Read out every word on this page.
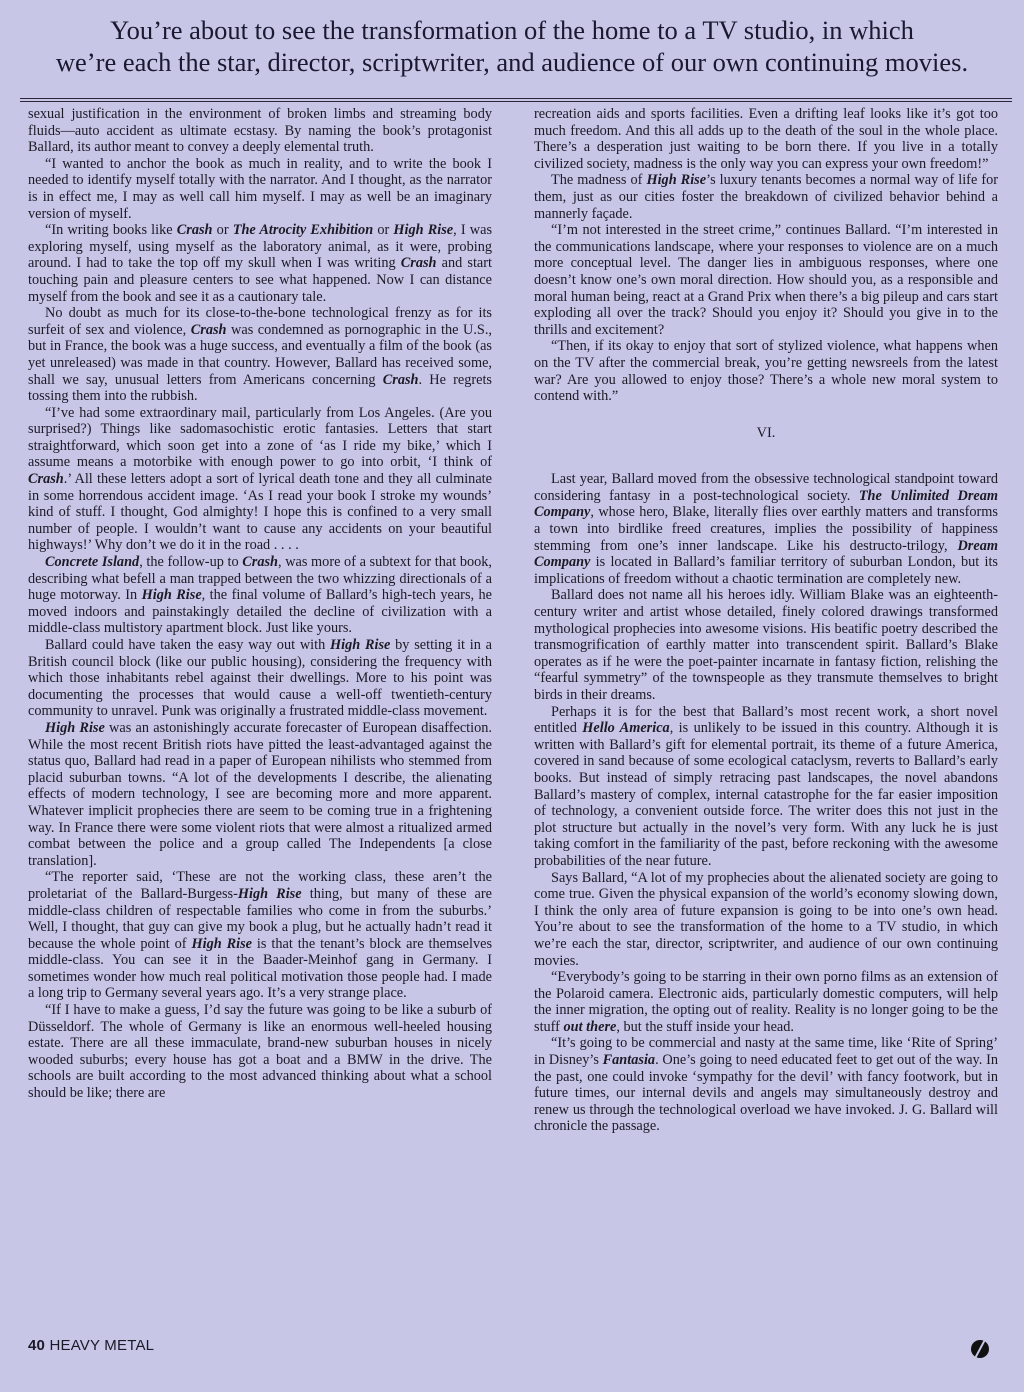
You’re about to see the transformation of the home to a TV studio, in which
we’re each the star, director, scriptwriter, and audience of our own continuing movies.

sexual justification in the environment of broken limbs and streaming body fluids—auto accident as ultimate ecstasy. By naming the book’s protagonist Ballard, its author meant to convey a deeply elemental truth.

“I wanted to anchor the book as much in reality, and to write the book I needed to identify myself totally with the narrator. And I thought, as the narrator is in effect me, I may as well call him myself. I may as well be an imaginary version of myself.

“In writing books like Crash or The Atrocity Exhibition or High Rise, I was exploring myself, using myself as the laboratory animal, as it were, probing around. I had to take the top off my skull when I was writing Crash and start touching pain and pleasure centers to see what happened. Now I can distance myself from the book and see it as a cautionary tale.

No doubt as much for its close-to-the-bone technological frenzy as for its surfeit of sex and violence, Crash was condemned as pornographic in the U.S., but in France, the book was a huge success, and eventually a film of the book (as yet unreleased) was made in that country. However, Ballard has received some, shall we say, unusual letters from Americans concerning Crash. He regrets tossing them into the rubbish.

“I’ve had some extraordinary mail, particularly from Los Angeles. (Are you surprised?) Things like sadomasochistic erotic fantasies. Letters that start straightforward, which soon get into a zone of ‘as I ride my bike,’ which I assume means a motorbike with enough power to go into orbit, ‘I think of Crash.’ All these letters adopt a sort of lyrical death tone and they all culminate in some horrendous accident image. ‘As I read your book I stroke my wounds’ kind of stuff. I thought, God almighty! I hope this is confined to a very small number of people. I wouldn’t want to cause any accidents on your beautiful highways!’ Why don’t we do it in the road . . . .

Concrete Island, the follow-up to Crash, was more of a subtext for that book, describing what befell a man trapped between the two whizzing directionals of a huge motorway. In High Rise, the final volume of Ballard’s high-tech years, he moved indoors and painstakingly detailed the decline of civilization with a middle-class multistory apartment block. Just like yours.

Ballard could have taken the easy way out with High Rise by setting it in a British council block (like our public housing), considering the frequency with which those inhabitants rebel against their dwellings. More to his point was documenting the processes that would cause a well-off twentieth-century community to unravel. Punk was originally a frustrated middle-class movement.

High Rise was an astonishingly accurate forecaster of European disaffection. While the most recent British riots have pitted the least-advantaged against the status quo, Ballard had read in a paper of European nihilists who stemmed from placid suburban towns. “A lot of the developments I describe, the alienating effects of modern technology, I see are becoming more and more apparent. Whatever implicit prophecies there are seem to be coming true in a frightening way. In France there were some violent riots that were almost a ritualized armed combat between the police and a group called The Independents [a close translation].

“The reporter said, ‘These are not the working class, these aren’t the proletariat of the Ballard-Burgess-High Rise thing, but many of these are middle-class children of respectable families who come in from the suburbs.’ Well, I thought, that guy can give my book a plug, but he actually hadn’t read it because the whole point of High Rise is that the tenant’s block are themselves middle-class. You can see it in the Baader-Meinhof gang in Germany. I sometimes wonder how much real political motivation those people had. I made a long trip to Germany several years ago. It’s a very strange place.

“If I have to make a guess, I’d say the future was going to be like a suburb of Düsseldorf. The whole of Germany is like an enormous well-heeled housing estate. There are all these immaculate, brand-new suburban houses in nicely wooded suburbs; every house has got a boat and a BMW in the drive. The schools are built according to the most advanced thinking about what a school should be like; there are

recreation aids and sports facilities. Even a drifting leaf looks like it’s got too much freedom. And this all adds up to the death of the soul in the whole place. There’s a desperation just waiting to be born there. If you live in a totally civilized society, madness is the only way you can express your own freedom!”

The madness of High Rise’s luxury tenants becomes a normal way of life for them, just as our cities foster the breakdown of civilized behavior behind a mannerly façade.

“I’m not interested in the street crime,” continues Ballard. “I’m interested in the communications landscape, where your responses to violence are on a much more conceptual level. The danger lies in ambiguous responses, where one doesn’t know one’s own moral direction. How should you, as a responsible and moral human being, react at a Grand Prix when there’s a big pileup and cars start exploding all over the track? Should you enjoy it? Should you give in to the thrills and excitement?

“Then, if its okay to enjoy that sort of stylized violence, what happens when on the TV after the commercial break, you’re getting newsreels from the latest war? Are you allowed to enjoy those? There’s a whole new moral system to contend with.”

VI.

Last year, Ballard moved from the obsessive technological standpoint toward considering fantasy in a post-technological society. The Unlimited Dream Company, whose hero, Blake, literally flies over earthly matters and transforms a town into birdlike freed creatures, implies the possibility of happiness stemming from one’s inner landscape. Like his destructo-trilogy, Dream Company is located in Ballard’s familiar territory of suburban London, but its implications of freedom without a chaotic termination are completely new.

Ballard does not name all his heroes idly. William Blake was an eighteenth-century writer and artist whose detailed, finely colored drawings transformed mythological prophecies into awesome visions. His beatific poetry described the transmogrification of earthly matter into transcendent spirit. Ballard’s Blake operates as if he were the poet-painter incarnate in fantasy fiction, relishing the “fearful symmetry” of the townspeople as they transmute themselves to bright birds in their dreams.

Perhaps it is for the best that Ballard’s most recent work, a short novel entitled Hello America, is unlikely to be issued in this country. Although it is written with Ballard’s gift for elemental portrait, its theme of a future America, covered in sand because of some ecological cataclysm, reverts to Ballard’s early books. But instead of simply retracing past landscapes, the novel abandons Ballard’s mastery of complex, internal catastrophe for the far easier imposition of technology, a convenient outside force. The writer does this not just in the plot structure but actually in the novel’s very form. With any luck he is just taking comfort in the familiarity of the past, before reckoning with the awesome probabilities of the near future.

Says Ballard, “A lot of my prophecies about the alienated society are going to come true. Given the physical expansion of the world’s economy slowing down, I think the only area of future expansion is going to be into one’s own head. You’re about to see the transformation of the home to a TV studio, in which we’re each the star, director, scriptwriter, and audience of our own continuing movies.

“Everybody’s going to be starring in their own porno films as an extension of the Polaroid camera. Electronic aids, particularly domestic computers, will help the inner migration, the opting out of reality. Reality is no longer going to be the stuff out there, but the stuff inside your head.

“It’s going to be commercial and nasty at the same time, like ‘Rite of Spring’ in Disney’s Fantasia. One’s going to need educated feet to get out of the way. In the past, one could invoke ‘sympathy for the devil’ with fancy footwork, but in future times, our internal devils and angels may simultaneously destroy and renew us through the technological overload we have invoked. J. G. Ballard will chronicle the passage.

40 HEAVY METAL
